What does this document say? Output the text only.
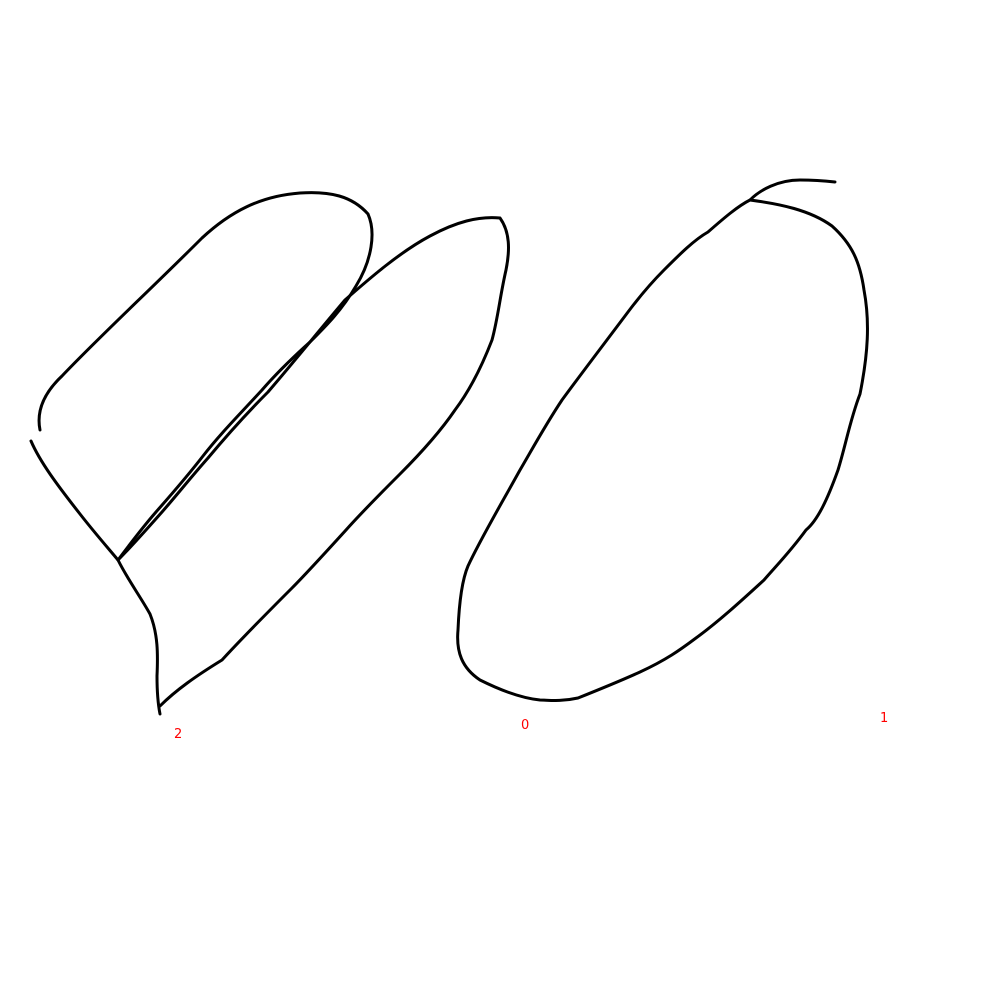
2
0	1
